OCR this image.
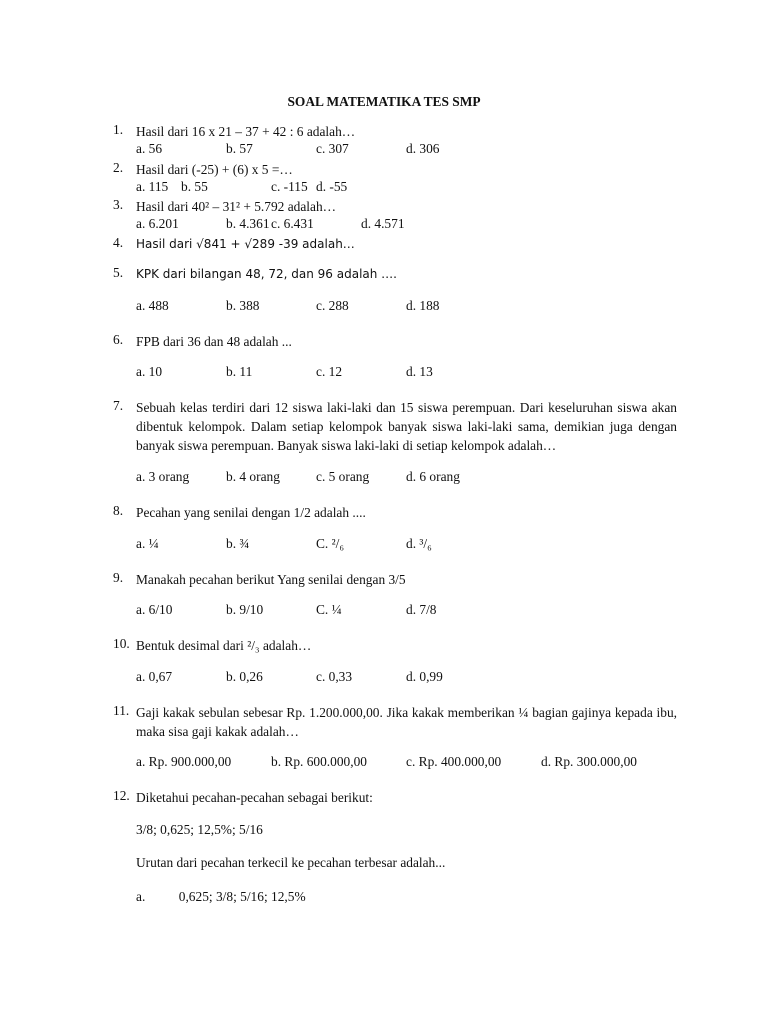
SOAL MATEMATIKA TES SMP
1. Hasil dari 16 x 21 – 37 + 42 : 6 adalah…
a. 56	b. 57	c. 307	d. 306
2. Hasil dari (-25) + (6) x 5 =…
a. 115 b. 55	c. -115 d. -55
3. Hasil dari 40² – 31² + 5.792 adalah…
a. 6.201	b. 4.361 c. 6.431	d. 4.571
4. Hasil dari √841 + √289 -39 adalah…
5. KPK dari bilangan 48, 72, dan 96 adalah ….
a. 488	b. 388	c. 288	d. 188
6. FPB dari 36 dan 48 adalah ...
a. 10	b. 11	c. 12	d. 13
7. Sebuah kelas terdiri dari 12 siswa laki-laki dan 15 siswa perempuan. Dari keseluruhan siswa akan dibentuk kelompok. Dalam setiap kelompok banyak siswa laki-laki sama, demikian juga dengan banyak siswa perempuan. Banyak siswa laki-laki di setiap kelompok adalah…
a. 3 orang	b. 4 orang	c. 5 orang	d. 6 orang
8. Pecahan yang senilai dengan 1/2 adalah ....
a. ¼	b. ¾	C. ²/₆	d. ³/₆
9. Manakah pecahan berikut Yang senilai dengan 3/5
a. 6/10	b. 9/10	C. ¼	d. 7/8
10. Bentuk desimal dari ²/₃ adalah…
a. 0,67	b. 0,26	c. 0,33	d. 0,99
11. Gaji kakak sebulan sebesar Rp. 1.200.000,00. Jika kakak memberikan ¼ bagian gajinya kepada ibu, maka sisa gaji kakak adalah…
a. Rp. 900.000,00	b. Rp. 600.000,00	c. Rp. 400.000,00	d. Rp. 300.000,00
12. Diketahui pecahan-pecahan sebagai berikut:
3/8; 0,625; 12,5%; 5/16
Urutan dari pecahan terkecil ke pecahan terbesar adalah...
a.          0,625; 3/8; 5/16; 12,5%
